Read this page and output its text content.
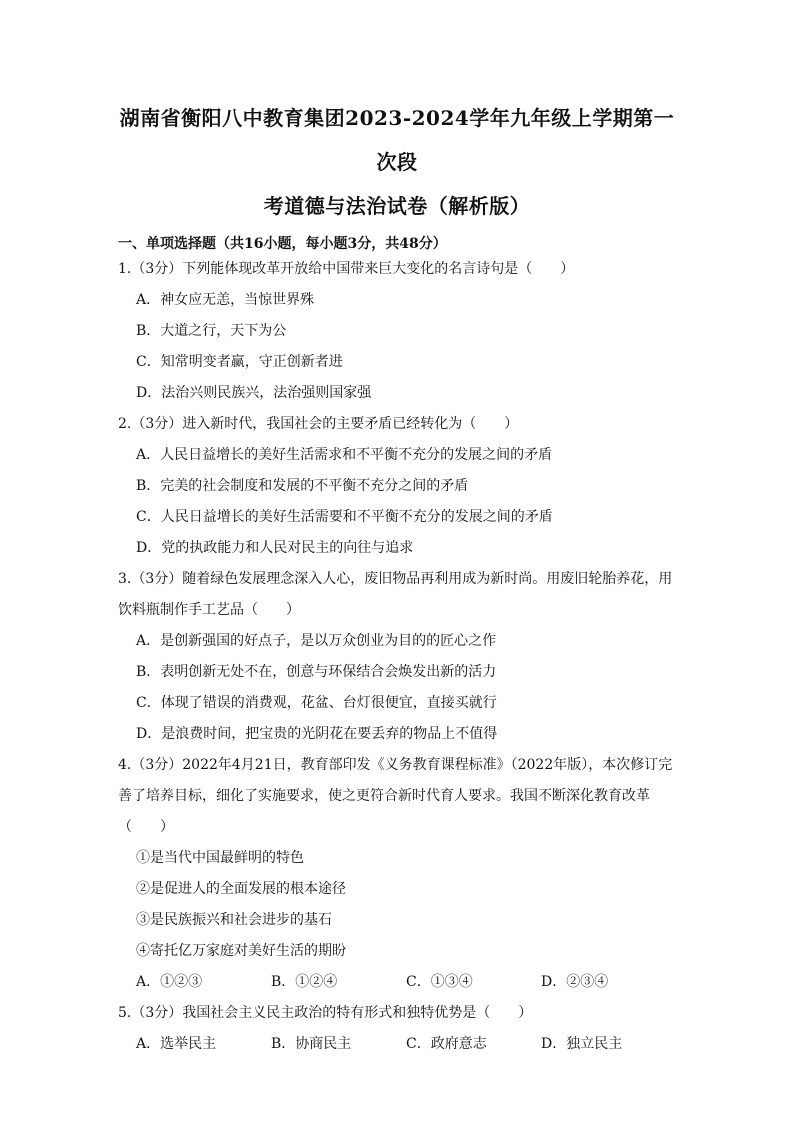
湖南省衡阳八中教育集团2023-2024学年九年级上学期第一次段
考道德与法治试卷（解析版）
一、单项选择题（共16小题，每小题3分，共48分）
1.（3分）下列能体现改革开放给中国带来巨大变化的名言诗句是（　　）
A．神女应无恙，当惊世界殊
B．大道之行，天下为公
C．知常明变者赢，守正创新者进
D．法治兴则民族兴，法治强则国家强
2.（3分）进入新时代，我国社会的主要矛盾已经转化为（　　）
A．人民日益增长的美好生活需求和不平衡不充分的发展之间的矛盾
B．完美的社会制度和发展的不平衡不充分之间的矛盾
C．人民日益增长的美好生活需要和不平衡不充分的发展之间的矛盾
D．党的执政能力和人民对民主的向往与追求
3.（3分）随着绿色发展理念深入人心，废旧物品再利用成为新时尚。用废旧轮胎养花，用
饮料瓶制作手工艺品（　　）
A．是创新强国的好点子，是以万众创业为目的的匠心之作
B．表明创新无处不在，创意与环保结合会焕发出新的活力
C．体现了错误的消费观，花盆、台灯很便宜，直接买就行
D．是浪费时间，把宝贵的光阴花在要丢弃的物品上不值得
4.（3分）2022年4月21日，教育部印发《义务教育课程标准》（2022年版），本次修订完
善了培养目标，细化了实施要求，使之更符合新时代育人要求。我国不断深化教育改革
（　　）
①是当代中国最鲜明的特色
②是促进人的全面发展的根本途径
③是民族振兴和社会进步的基石
④寄托亿万家庭对美好生活的期盼
A．①②③	B．①②④	C．①③④	D．②③④
5.（3分）我国社会主义民主政治的特有形式和独特优势是（　　）
A．选举民主	B．协商民主	C．政府意志	D．独立民主
